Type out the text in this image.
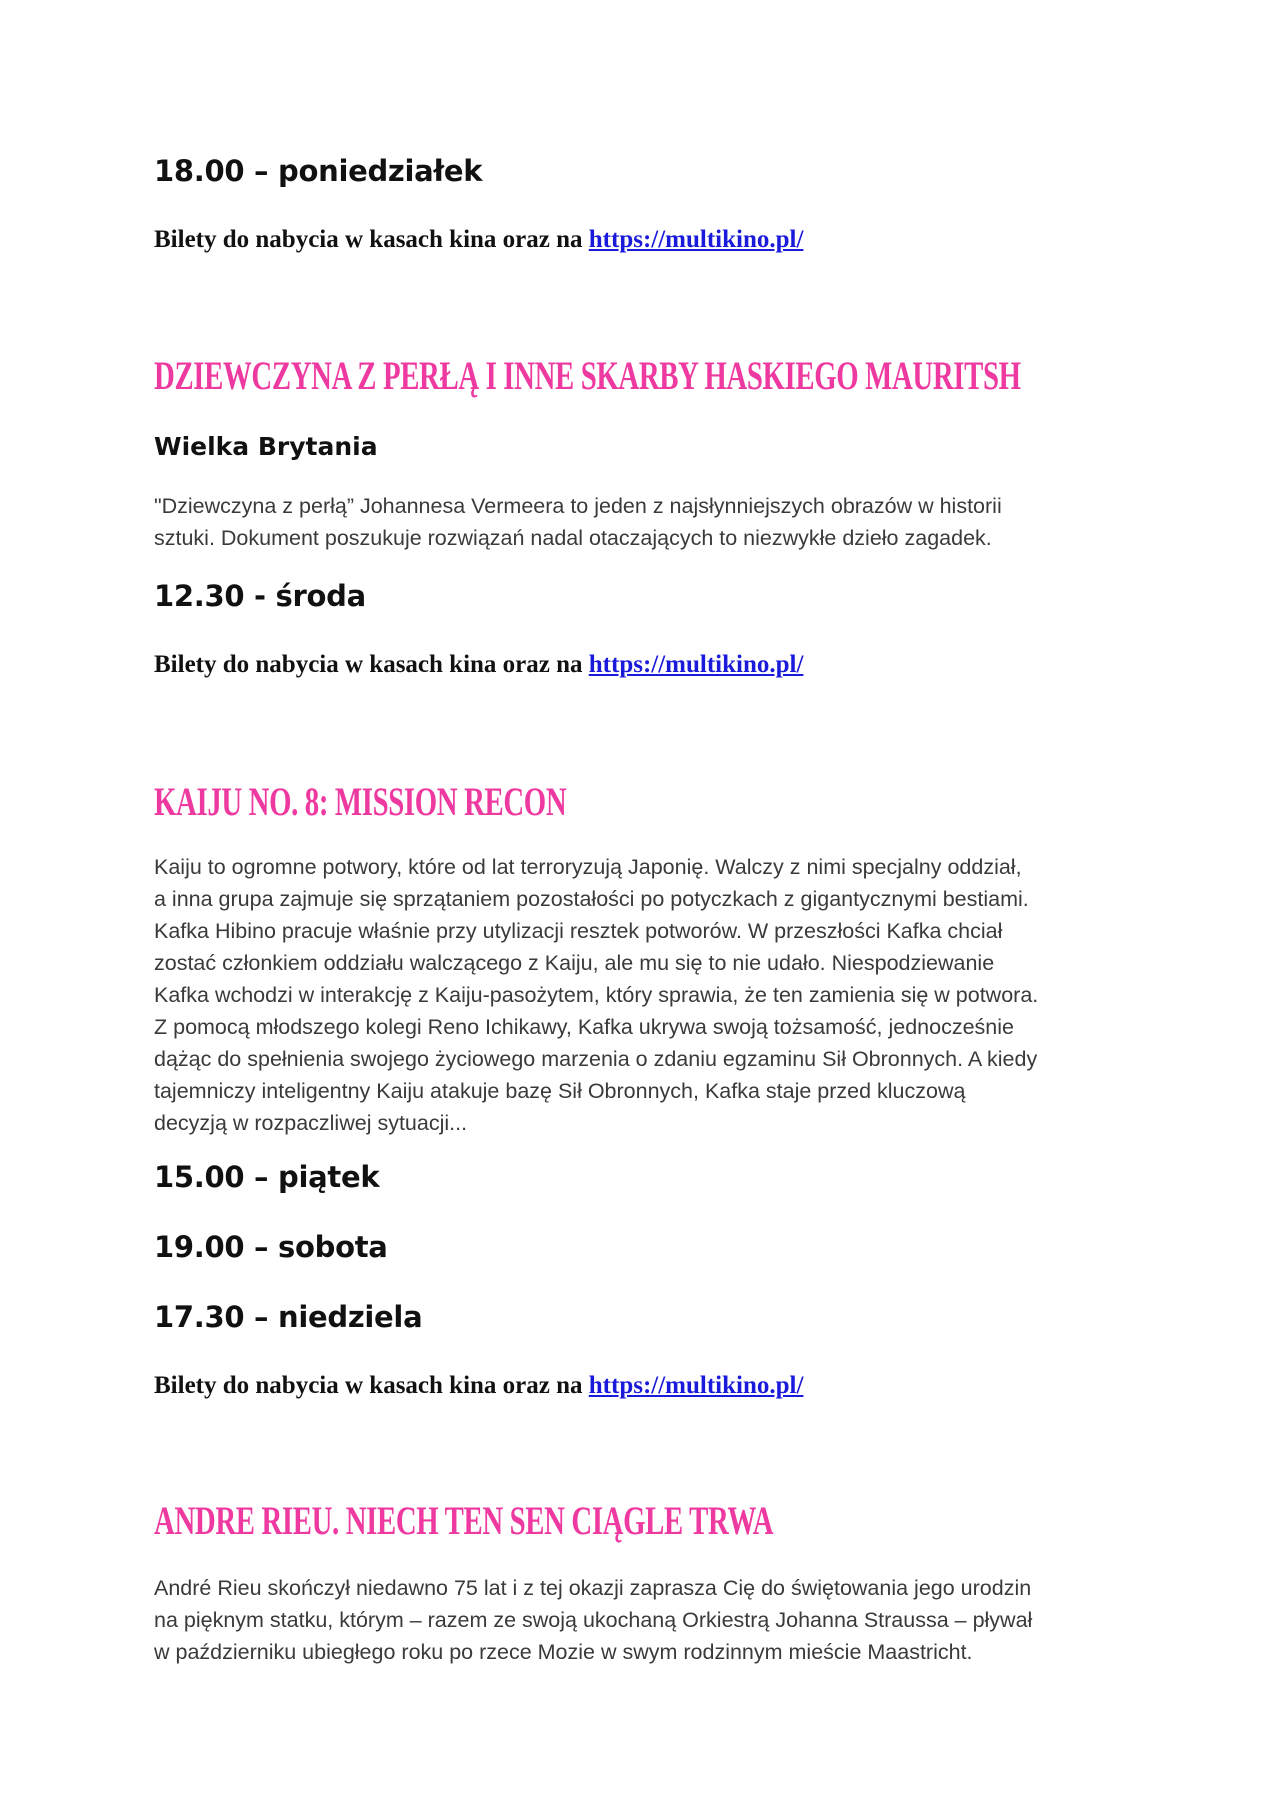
18.00 – poniedziałek

Bilety do nabycia w kasach kina oraz na https://multikino.pl/

DZIEWCZYNA Z PERŁĄ I INNE SKARBY HASKIEGO MAURITSH

Wielka Brytania

"Dziewczyna z perłą” Johannesa Vermeera to jeden z najsłynniejszych obrazów w historii
sztuki. Dokument poszukuje rozwiązań nadal otaczających to niezwykłe dzieło zagadek.

12.30 - środa

Bilety do nabycia w kasach kina oraz na https://multikino.pl/

KAIJU NO. 8: MISSION RECON
Kaiju to ogromne potwory, które od lat terroryzują Japonię. Walczy z nimi specjalny oddział,
a inna grupa zajmuje się sprzątaniem pozostałości po potyczkach z gigantycznymi bestiami.
Kafka Hibino pracuje właśnie przy utylizacji resztek potworów. W przeszłości Kafka chciał
zostać członkiem oddziału walczącego z Kaiju, ale mu się to nie udało. Niespodziewanie
Kafka wchodzi w interakcję z Kaiju-pasożytem, który sprawia, że ten zamienia się w potwora.
Z pomocą młodszego kolegi Reno Ichikawy, Kafka ukrywa swoją tożsamość, jednocześnie
dążąc do spełnienia swojego życiowego marzenia o zdaniu egzaminu Sił Obronnych. A kiedy
tajemniczy inteligentny Kaiju atakuje bazę Sił Obronnych, Kafka staje przed kluczową
decyzją w rozpaczliwej sytuacji...

15.00 – piątek

19.00 – sobota

17.30 – niedziela

Bilety do nabycia w kasach kina oraz na https://multikino.pl/

ANDRE RIEU. NIECH TEN SEN CIĄGLE TRWA
André Rieu skończył niedawno 75 lat i z tej okazji zaprasza Cię do świętowania jego urodzin
na pięknym statku, którym – razem ze swoją ukochaną Orkiestrą Johanna Straussa – pływał
w październiku ubiegłego roku po rzece Mozie w swym rodzinnym mieście Maastricht.
